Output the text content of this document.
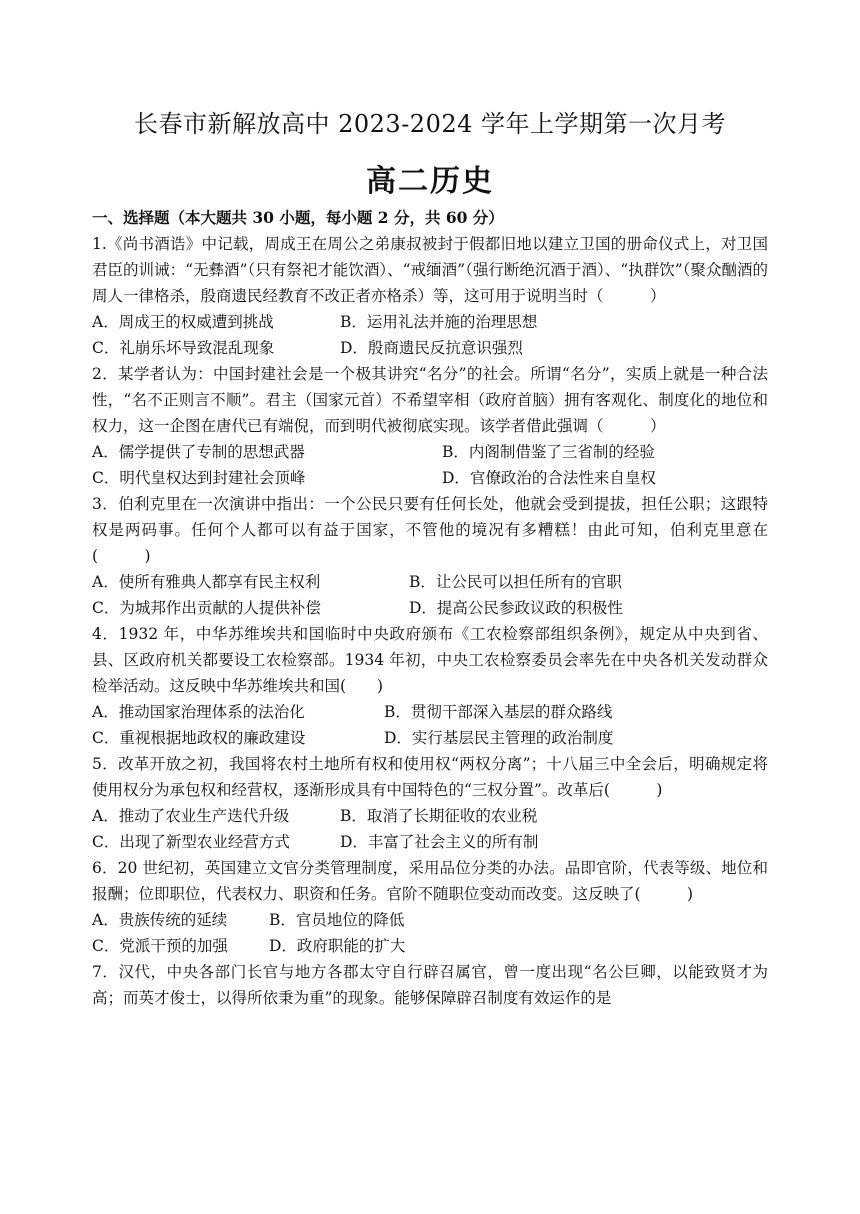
长春市新解放高中 2023-2024 学年上学期第一次月考
高二历史

一、选择题（本大题共 30 小题，每小题 2 分，共 60 分）

1.《尚书酒诰》中记载，周成王在周公之弟康叔被封于假都旧地以建立卫国的册命仪式上，对卫国君臣的训诫：“无彝酒”（只有祭祀才能饮酒）、“戒缅酒”（强行断绝沉酒于酒）、“执群饮”（聚众酗酒的周人一律格杀，殷商遗民经教育不改正者亦格杀）等，这可用于说明当时（　　　）

A．周成王的权威遭到挑战	B．运用礼法并施的治理思想
C．礼崩乐坏导致混乱现象	D．殷商遗民反抗意识强烈

2．某学者认为：中国封建社会是一个极其讲究“名分”的社会。所谓“名分”，实质上就是一种合法性，“名不正则言不顺”。君主（国家元首）不希望宰相（政府首脑）拥有客观化、制度化的地位和权力，这一企图在唐代已有端倪，而到明代被彻底实现。该学者借此强调（　　　）

A．儒学提供了专制的思想武器	B．内阁制借鉴了三省制的经验
C．明代皇权达到封建社会顶峰	D．官僚政治的合法性来自皇权

3．伯利克里在一次演讲中指出：一个公民只要有任何长处，他就会受到提拔，担任公职；这跟特权是两码事。任何个人都可以有益于国家，不管他的境况有多糟糕！由此可知，伯利克里意在(　　　)

A．使所有雅典人都享有民主权利	B．让公民可以担任所有的官职
C．为城邦作出贡献的人提供补偿	D．提高公民参政议政的积极性

4．1932 年，中华苏维埃共和国临时中央政府颁布《工农检察部组织条例》，规定从中央到省、县、区政府机关都要设工农检察部。1934 年初，中央工农检察委员会率先在中央各机关发动群众检举活动。这反映中华苏维埃共和国(　　)

A．推动国家治理体系的法治化	B．贯彻干部深入基层的群众路线
C．重视根据地政权的廉政建设	D．实行基层民主管理的政治制度

5．改革开放之初，我国将农村土地所有权和使用权“两权分离”；十八届三中全会后，明确规定将使用权分为承包权和经营权，逐渐形成具有中国特色的“三权分置”。改革后(　　　)

A．推动了农业生产迭代升级	B．取消了长期征收的农业税
C．出现了新型农业经营方式	D．丰富了社会主义的所有制

6．20 世纪初，英国建立文官分类管理制度，采用品位分类的办法。品即官阶，代表等级、地位和报酬；位即职位，代表权力、职资和任务。官阶不随职位变动而改变。这反映了(　　　)

A．贵族传统的延续	B．官员地位的降低
C．党派干预的加强	D．政府职能的扩大

7．汉代，中央各部门长官与地方各郡太守自行辟召属官，曾一度出现“名公巨卿，以能致贤才为高；而英才俊士，以得所依秉为重”的现象。能够保障辟召制度有效运作的是
